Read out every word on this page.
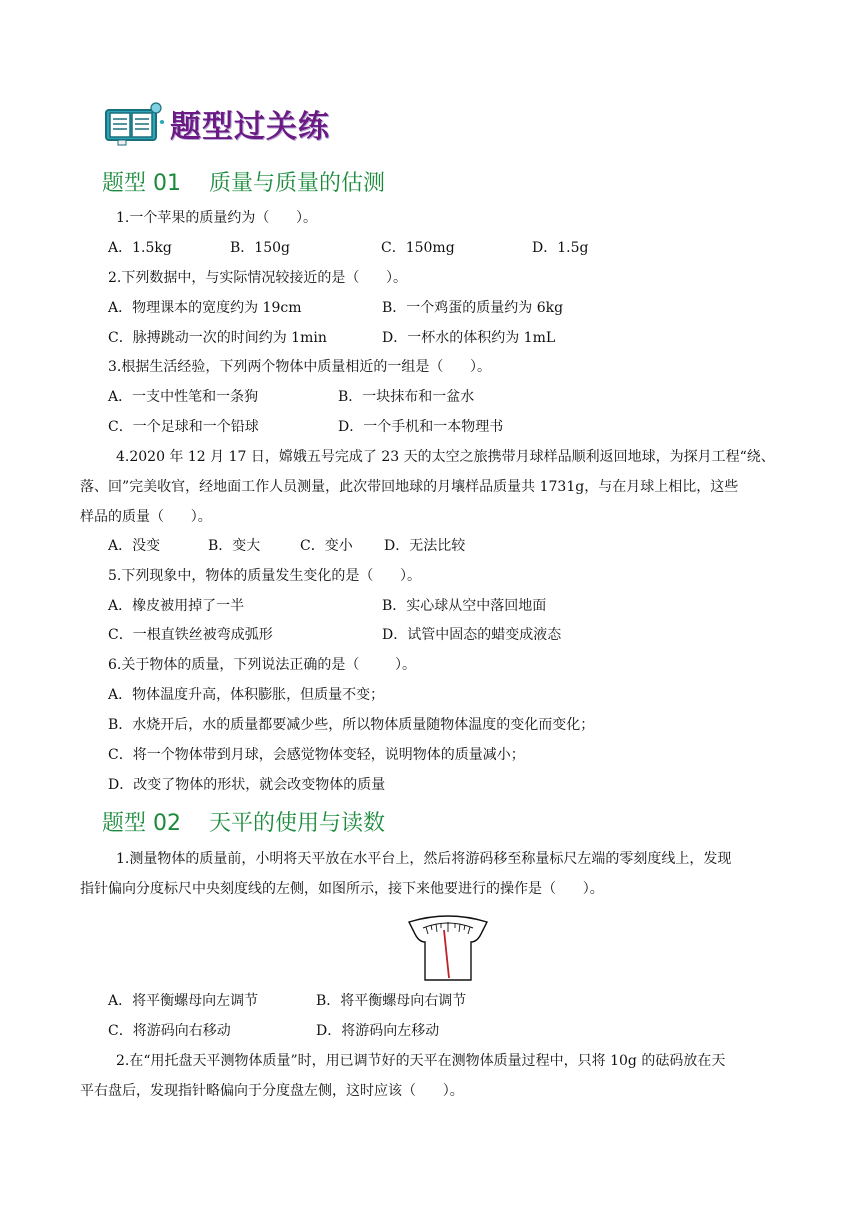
题型过关练
题型 01    质量与质量的估测
1.一个苹果的质量约为（      ）。
A．1.5kg	B．150g	C．150mg	D．1.5g
2.下列数据中，与实际情况较接近的是（      ）。
A．物理课本的宽度约为 19cm	B．一个鸡蛋的质量约为 6kg
C．脉搏跳动一次的时间约为 1min	D．一杯水的体积约为 1mL
3.根据生活经验，下列两个物体中质量相近的一组是（      ）。
A．一支中性笔和一条狗	B．一块抹布和一盆水
C．一个足球和一个铅球	D．一个手机和一本物理书
4.2020 年 12 月 17 日，嫦娥五号完成了 23 天的太空之旅携带月球样品顺利返回地球，为探月工程“绕、
落、回”完美收官，经地面工作人员测量，此次带回地球的月壤样品质量共 1731g，与在月球上相比，这些
样品的质量（      ）。
A．没变	B．变大	C．变小 D．无法比较
5.下列现象中，物体的质量发生变化的是（      ）。
A．橡皮被用掉了一半	B．实心球从空中落回地面
C．一根直铁丝被弯成弧形	D．试管中固态的蜡变成液态
6.关于物体的质量，下列说法正确的是（        ）。
A．物体温度升高，体积膨胀，但质量不变；
B．水烧开后，水的质量都要减少些，所以物体质量随物体温度的变化而变化；
C．将一个物体带到月球，会感觉物体变轻，说明物体的质量减小；
D．改变了物体的形状，就会改变物体的质量
题型 02    天平的使用与读数
1.测量物体的质量前，小明将天平放在水平台上，然后将游码移至称量标尺左端的零刻度线上，发现
指针偏向分度标尺中央刻度线的左侧，如图所示，接下来他要进行的操作是（      ）。
A．将平衡螺母向左调节	B．将平衡螺母向右调节
C．将游码向右移动	D．将游码向左移动
2.在“用托盘天平测物体质量”时，用已调节好的天平在测物体质量过程中，只将 10g 的砝码放在天
平右盘后，发现指针略偏向于分度盘左侧，这时应该（      ）。
